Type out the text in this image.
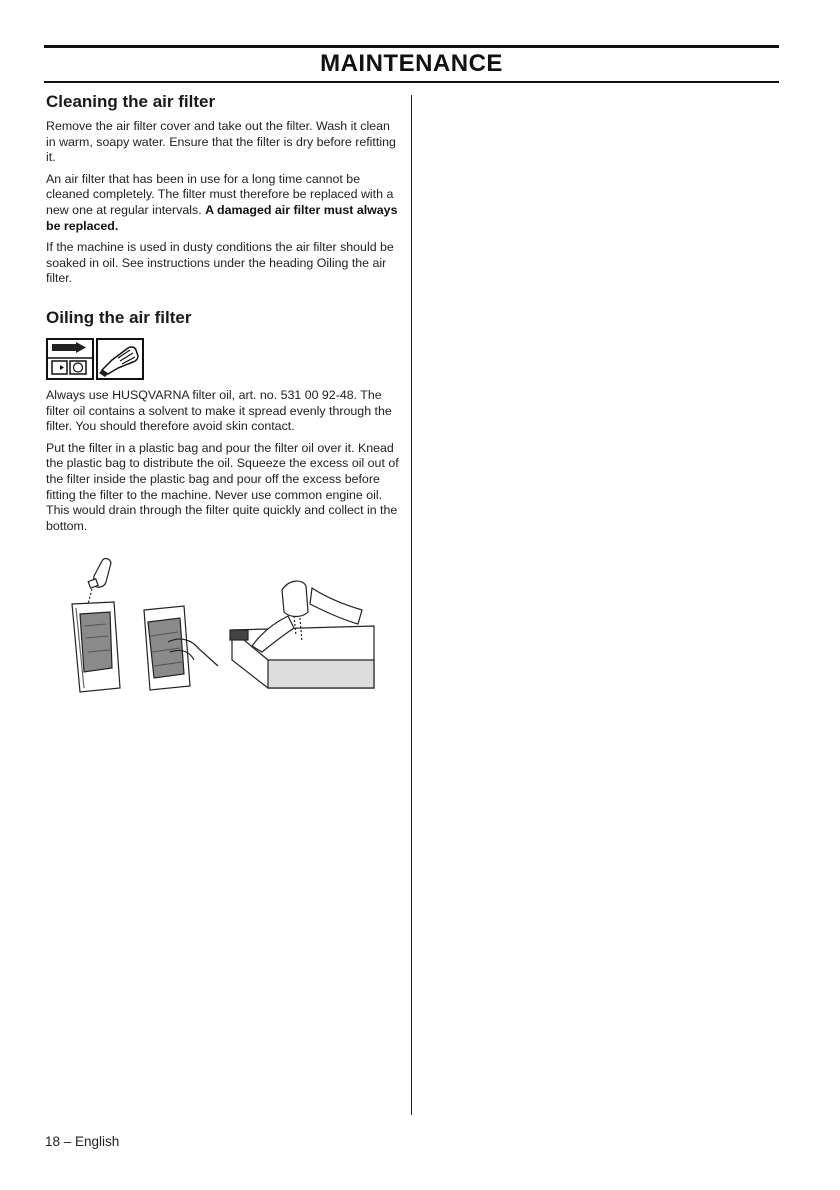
MAINTENANCE
Cleaning the air filter

Remove the air filter cover and take out the filter. Wash it clean in warm, soapy water. Ensure that the filter is dry before refitting it.

An air filter that has been in use for a long time cannot be cleaned completely. The filter must therefore be replaced with a new one at regular intervals. A damaged air filter must always be replaced.

If the machine is used in dusty conditions the air filter should be soaked in oil. See instructions under the heading Oiling the air filter.

Oiling the air filter

Always use HUSQVARNA filter oil, art. no. 531 00 92-48. The filter oil contains a solvent to make it spread evenly through the filter. You should therefore avoid skin contact.

Put the filter in a plastic bag and pour the filter oil over it. Knead the plastic bag to distribute the oil. Squeeze the excess oil out of the filter inside the plastic bag and pour off the excess before fitting the filter to the machine. Never use common engine oil. This would drain through the filter quite quickly and collect in the bottom.

18 – English
